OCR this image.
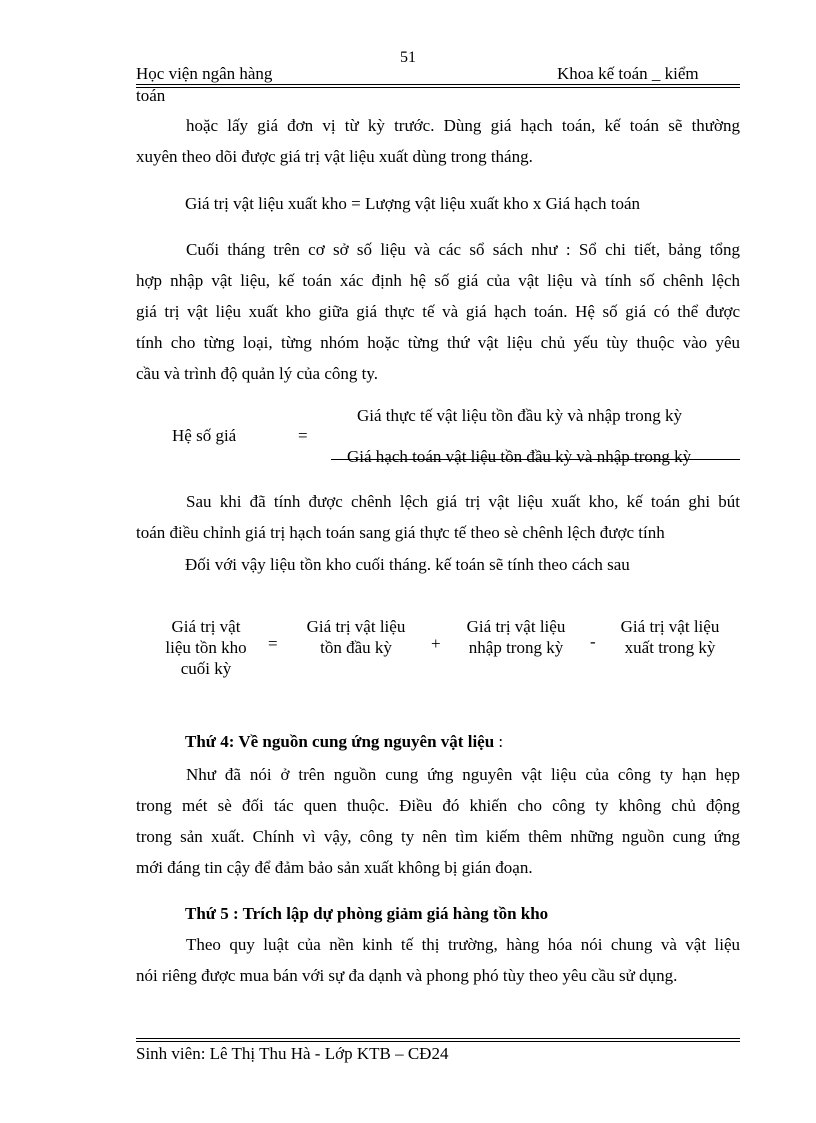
51
Học viện ngân hàng	Khoa kế toán _ kiểm
toán
hoặc lấy giá đơn vị từ kỳ trước. Dùng giá hạch toán, kế toán sẽ thường
xuyên theo dõi được giá trị vật liệu xuất dùng trong tháng.
Giá trị vật liệu xuất kho = Lượng vật liệu xuất kho x Giá hạch toán
Cuối tháng trên cơ sở số liệu và các sổ sách như : Sổ chi tiết, bảng tổng
hợp nhập vật liệu, kế toán xác định hệ số giá của vật liệu và tính số chênh lệch
giá trị vật liệu xuất kho giữa giá thực tế và giá hạch toán. Hệ số giá có thể được
tính cho từng loại, từng nhóm hoặc từng thứ vật liệu chủ yếu tùy thuộc vào yêu
cầu và trình độ quản lý của công ty.
Hệ số giá	=
Giá thực tế vật liệu tồn đầu kỳ và nhập trong kỳ
Giá hạch toán vật liệu tồn đầu kỳ và nhập trong kỳ
Sau khi đã tính được chênh lệch giá trị vật liệu xuất kho, kế toán ghi bút
toán điều chỉnh giá trị hạch toán sang giá thực tế theo sè chênh lệch được tính
Đối với vậy liệu tồn kho cuối tháng. kế toán sẽ tính theo cách sau
Giá trị vật
liệu tồn kho
cuối kỳ
=
Giá trị vật liệu
tồn đầu kỳ	+
Giá trị vật liệu
nhập trong kỳ	-
Giá trị vật liệu
xuất trong kỳ
Thứ 4: Về nguồn cung ứng nguyên vật liệu :
Như đã nói ở trên nguồn cung ứng nguyên vật liệu của công ty hạn hẹp
trong mét sè đối tác quen thuộc. Điều đó khiến cho công ty không chủ động
trong sản xuất. Chính vì vậy, công ty nên tìm kiếm thêm những nguồn cung ứng
mới đáng tin cậy để đảm bảo sản xuất không bị gián đoạn.
Thứ 5 : Trích lập dự phòng giảm giá hàng tồn kho
Theo quy luật của nền kinh tế thị trường, hàng hóa nói chung và vật liệu
nói riêng được mua bán với sự đa dạnh và phong phó tùy theo yêu cầu sử dụng.
Sinh viên: Lê Thị Thu Hà - Lớp KTB – CĐ24
